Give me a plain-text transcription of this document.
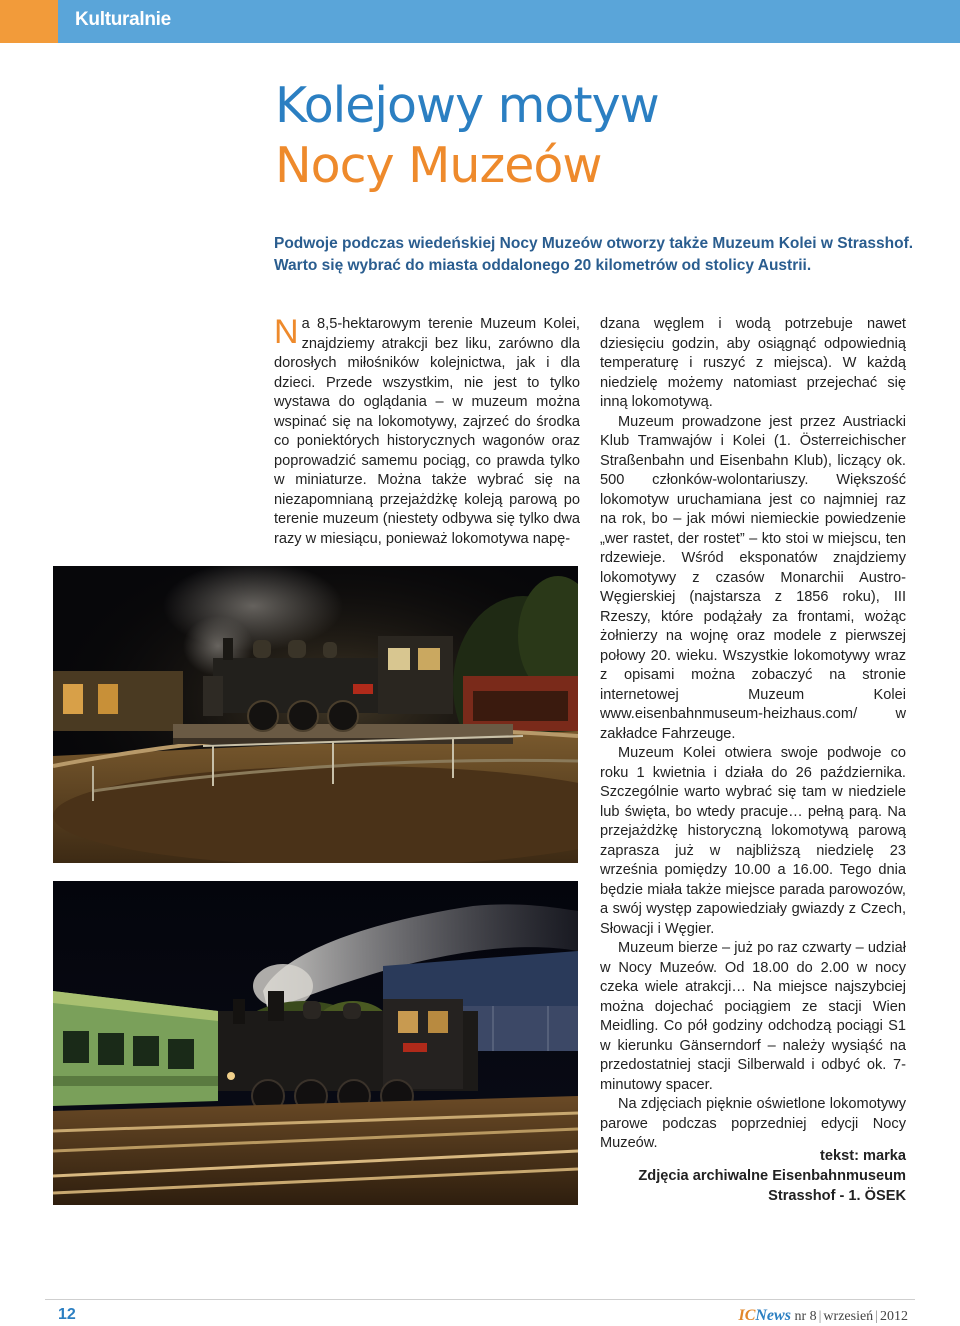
Kulturalnie
Kolejowy motyw
Nocy Muzeów
Podwoje podczas wiedeńskiej Nocy Muzeów otworzy także Muzeum Kolei w Strasshof. Warto się wybrać do miasta oddalonego 20 kilometrów od stolicy Austrii.

Na 8,5-hektarowym terenie Muzeum Kolei, znajdziemy atrakcji bez liku, zarówno dla dorosłych miłośników kolejnictwa, jak i dla dzieci. Przede wszystkim, nie jest to tylko wystawa do oglądania – w muzeum można wspinać się na lokomotywy, zajrzeć do środka co poniektórych historycznych wagonów oraz poprowadzić samemu pociąg, co prawda tylko w miniaturze. Można także wybrać się na niezapomnianą przejażdżkę koleją parową po terenie muzeum (niestety odbywa się tylko dwa razy w miesiącu, ponieważ lokomotywa napę-

dzana węglem i wodą potrzebuje nawet dziesięciu godzin, aby osiągnąć odpowiednią temperaturę i ruszyć z miejsca). W każdą niedzielę możemy natomiast przejechać się inną lokomotywą.

Muzeum prowadzone jest przez Austriacki Klub Tramwajów i Kolei (1. Österreichischer Straßenbahn und Eisenbahn Klub), liczący ok. 500 członków-wolontariuszy. Większość lokomotyw uruchamiana jest co najmniej raz na rok, bo – jak mówi niemieckie powiedzenie „wer rastet, der rostet” – kto stoi w miejscu, ten rdzewieje. Wśród eksponatów znajdziemy lokomotywy z czasów Monarchii Austro-Węgierskiej (najstarsza z 1856 roku), III Rzeszy, które podążały za frontami, wożąc żołnierzy na wojnę oraz modele z pierwszej połowy 20. wieku. Wszystkie lokomotywy wraz z opisami można zobaczyć na stronie internetowej Muzeum Kolei www.eisenbahnmuseum-heizhaus.com/ w zakładce Fahrzeuge.

Muzeum Kolei otwiera swoje podwoje co roku 1 kwietnia i działa do 26 października. Szczególnie warto wybrać się tam w niedziele lub święta, bo wtedy pracuje… pełną parą. Na przejażdżkę historyczną lokomotywą parową zaprasza już w najbliższą niedzielę 23 września pomiędzy 10.00 a 16.00. Tego dnia będzie miała także miejsce parada parowozów, a swój występ zapowiedziały gwiazdy z Czech, Słowacji i Węgier.

Muzeum bierze – już po raz czwarty – udział w Nocy Muzeów. Od 18.00 do 2.00 w nocy czeka wiele atrakcji… Na miejsce najszybciej można dojechać pociągiem ze stacji Wien Meidling. Co pół godziny odchodzą pociągi S1 w kierunku Gänserndorf – należy wysiąść na przedostatniej stacji Silberwald i odbyć ok. 7-minutowy spacer.

Na zdjęciach pięknie oświetlone lokomotywy parowe podczas poprzedniej edycji Nocy Muzeów.

tekst: marka
Zdjęcia archiwalne Eisenbahnmuseum
Strasshof - 1. ÖSEK
12	ICNews nr 8 | wrzesień | 2012
